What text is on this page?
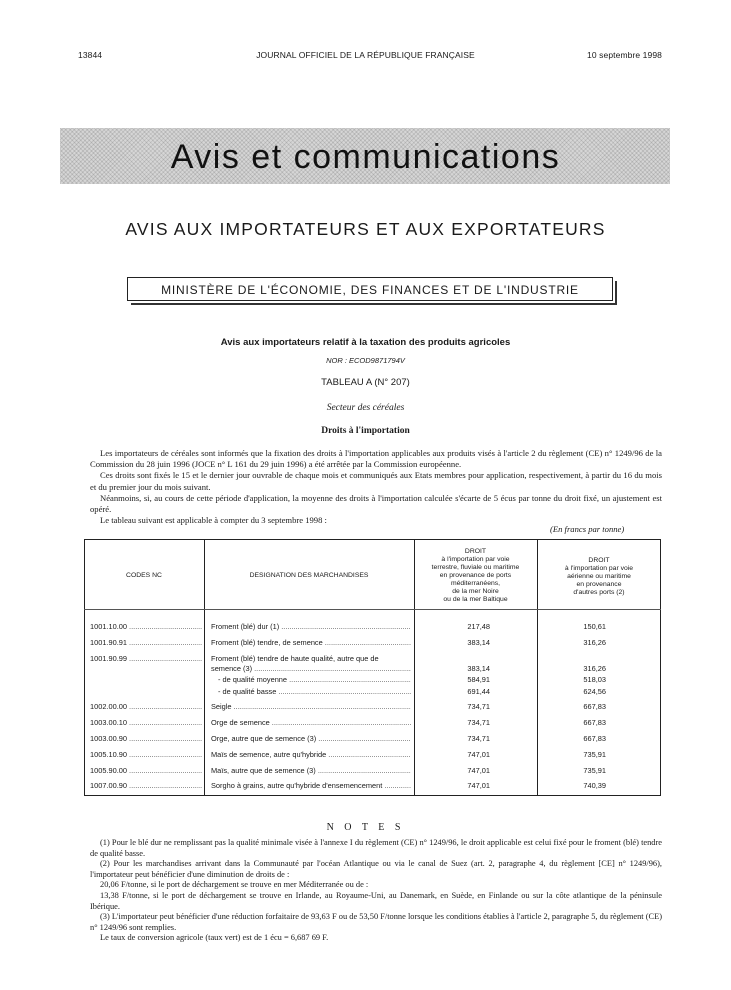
13844	JOURNAL OFFICIEL DE LA RÉPUBLIQUE FRANÇAISE	10 septembre 1998
Avis et communications
AVIS AUX IMPORTATEURS ET AUX EXPORTATEURS
MINISTÈRE DE L'ÉCONOMIE, DES FINANCES ET DE L'INDUSTRIE
Avis aux importateurs relatif à la taxation des produits agricoles
NOR : ECOD9871794V
TABLEAU A (N° 207)
Secteur des céréales
Droits à l'importation

Les importateurs de céréales sont informés que la fixation des droits à l'importation applicables aux produits visés à l'article 2 du règlement (CE) n° 1249/96 de la Commission du 28 juin 1996 (JOCE n° L 161 du 29 juin 1996) a été arrêtée par la Commission européenne.

Ces droits sont fixés le 15 et le dernier jour ouvrable de chaque mois et communiqués aux Etats membres pour application, respectivement, à partir du 16 du mois et du premier jour du mois suivant.

Néanmoins, si, au cours de cette période d'application, la moyenne des droits à l'importation calculée s'écarte de 5 écus par tonne du droit fixé, un ajustement est opéré.

Le tableau suivant est applicable à compter du 3 septembre 1998 :

(En francs par tonne)
CODES NC	DESIGNATION DES MARCHANDISES
DROIT
à l'importation par voie
terrestre, fluviale ou maritime
en provenance de ports
méditerranéens,
de la mer Noire
ou de la mer Baltique
DROIT
à l'importation par voie
aérienne ou maritime
en provenance
d'autres ports (2)
1001.10.00 .....	Froment (blé) dur (1) .....	217,48	150,61
1001.90.91 .....	Froment (blé) tendre, de semence .....	383,14	316,26
1001.90.99 .....	Froment (blé) tendre de haute qualité, autre que de
semence (3) .....	383,14	316,26
- de qualité moyenne .....	584,91	518,03
- de qualité basse .....	691,44	624,56
1002.00.00 .....	Seigle .....	734,71	667,83
1003.00.10 .....	Orge de semence .....	734,71	667,83
1003.00.90 .....	Orge, autre que de semence (3) .....	734,71	667,83
1005.10.90 .....	Maïs de semence, autre qu'hybride .....	747,01	735,91
1005.90.00 .....	Maïs, autre que de semence (3) .....	747,01	735,91
1007.00.90 .....	Sorgho à grains, autre qu'hybride d'ensemencement .....	747,01	740,39
N O T E S

(1) Pour le blé dur ne remplissant pas la qualité minimale visée à l'annexe I du règlement (CE) n° 1249/96, le droit applicable est celui fixé pour le froment (blé) tendre de qualité basse.

(2) Pour les marchandises arrivant dans la Communauté par l'océan Atlantique ou via le canal de Suez (art. 2, paragraphe 4, du règlement [CE] n° 1249/96), l'importateur peut bénéficier d'une diminution de droits de :

20,06 F/tonne, si le port de déchargement se trouve en mer Méditerranée ou de :

13,38 F/tonne, si le port de déchargement se trouve en Irlande, au Royaume-Uni, au Danemark, en Suède, en Finlande ou sur la côte atlantique de la péninsule Ibérique.

(3) L'importateur peut bénéficier d'une réduction forfaitaire de 93,63 F ou de 53,50 F/tonne lorsque les conditions établies à l'article 2, paragraphe 5, du règlement (CE) n° 1249/96 sont remplies.

Le taux de conversion agricole (taux vert) est de 1 écu = 6,687 69 F.
